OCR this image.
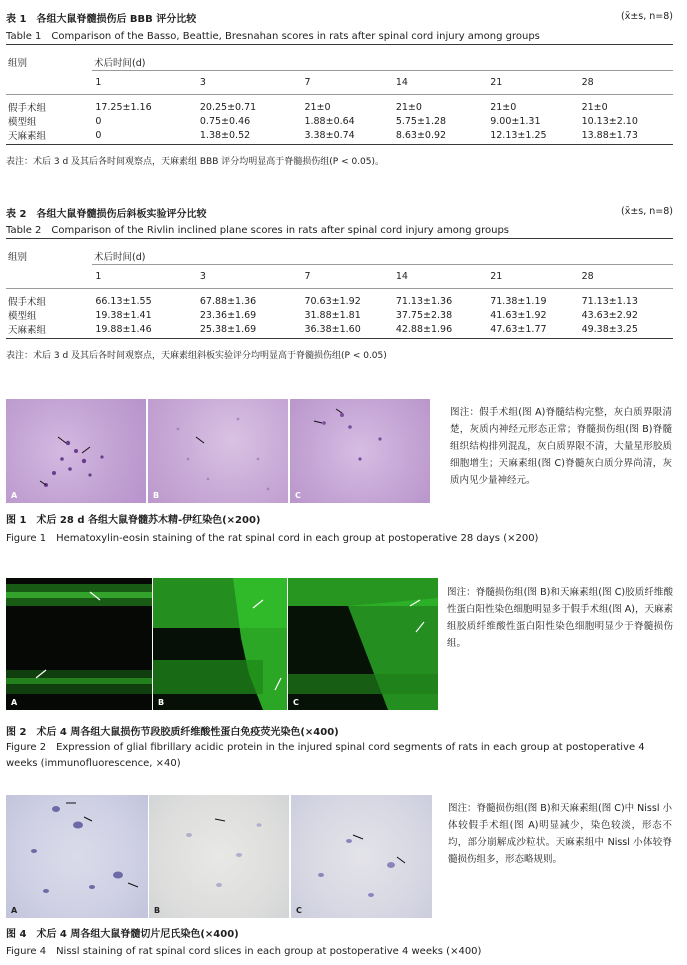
表 1　各组大鼠脊髓损伤后 BBB 评分比较	(x̄±s, n=8)
Table 1　Comparison of the Basso, Beattie, Bresnahan scores in rats after spinal cord injury among groups
组别	术后时间(d)
	1	3	7	14	21	28
假手术组	17.25±1.16	20.25±0.71	21±0	21±0	21±0	21±0
模型组	0	0.75±0.46	1.88±0.64	5.75±1.28	9.00±1.31	10.13±2.10
天麻素组	0	1.38±0.52	3.38±0.74	8.63±0.92	12.13±1.25	13.88±1.73
表注：术后 3 d 及其后各时间观察点，天麻素组 BBB 评分均明显高于脊髓损伤组(P < 0.05)。
表 2　各组大鼠脊髓损伤后斜板实验评分比较	(x̄±s, n=8)
Table 2　Comparison of the Rivlin inclined plane scores in rats after spinal cord injury among groups
组别	术后时间(d)
	1	3	7	14	21	28
假手术组	66.13±1.55	67.88±1.36	70.63±1.92	71.13±1.36	71.38±1.19	71.13±1.13
模型组	19.38±1.41	23.36±1.69	31.88±1.81	37.75±2.38	41.63±1.92	43.63±2.92
天麻素组	19.88±1.46	25.38±1.69	36.38±1.60	42.88±1.96	47.63±1.77	49.38±3.25
表注：术后 3 d 及其后各时间观察点，天麻素组斜板实验评分均明显高于脊髓损伤组(P < 0.05)
A	B	C
图注：假手术组(图 A)脊髓结构完整，灰白质界限清楚，灰质内神经元形态正常；脊髓损伤组(图 B)脊髓组织结构排列混乱，灰白质界限不清，大量星形胶质细胞增生；天麻素组(图 C)脊髓灰白质分界尚清，灰质内见少量神经元。
图 1　术后 28 d 各组大鼠脊髓苏木精-伊红染色(×200)
Figure 1　Hematoxylin-eosin staining of the rat spinal cord in each group at postoperative 28 days (×200)
A	B	C
图注：脊髓损伤组(图 B)和天麻素组(图 C)胶质纤维酸性蛋白阳性染色细胞明显多于假手术组(图 A)，天麻素组胶质纤维酸性蛋白阳性染色细胞明显少于脊髓损伤组。
图 2　术后 4 周各组大鼠损伤节段胶质纤维酸性蛋白免疫荧光染色(×400)
Figure 2　Expression of glial fibrillary acidic protein in the injured spinal cord segments of rats in each group at postoperative 4 weeks (immunofluorescence, ×40)
A	B	C
图注：脊髓损伤组(图 B)和天麻素组(图 C)中 Nissl 小体较假手术组(图 A)明显减少，染色较淡，形态不均，部分崩解成沙粒状。天麻素组中 Nissl 小体较脊髓损伤组多，形态略规则。
图 4　术后 4 周各组大鼠脊髓切片尼氏染色(×400)
Figure 4　Nissl staining of rat spinal cord slices in each group at postoperative 4 weeks (×400)
